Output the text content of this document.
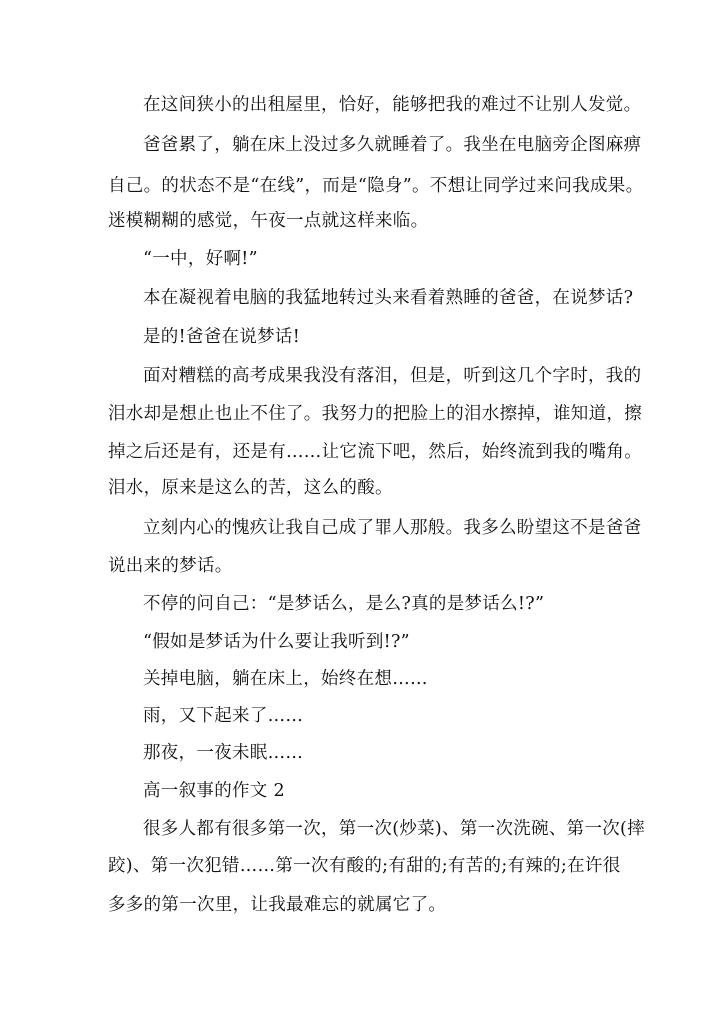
在这间狭小的出租屋里，恰好，能够把我的难过不让别人发觉。
爸爸累了，躺在床上没过多久就睡着了。我坐在电脑旁企图麻痹
自己。的状态不是“在线”，而是“隐身”。不想让同学过来问我成果。
迷模糊糊的感觉，午夜一点就这样来临。
“一中，好啊!”
本在凝视着电脑的我猛地转过头来看着熟睡的爸爸，在说梦话?
是的!爸爸在说梦话!
面对糟糕的高考成果我没有落泪，但是，听到这几个字时，我的
泪水却是想止也止不住了。我努力的把脸上的泪水擦掉，谁知道，擦
掉之后还是有，还是有……让它流下吧，然后，始终流到我的嘴角。
泪水，原来是这么的苦，这么的酸。
立刻内心的愧疚让我自己成了罪人那般。我多么盼望这不是爸爸
说出来的梦话。
不停的问自己：“是梦话么，是么?真的是梦话么!?”
“假如是梦话为什么要让我听到!?”
关掉电脑，躺在床上，始终在想……
雨，又下起来了……
那夜，一夜未眠……
高一叙事的作文 2
很多人都有很多第一次，第一次(炒菜)、第一次洗碗、第一次(摔
跤)、第一次犯错……第一次有酸的;有甜的;有苦的;有辣的;在许很
多多的第一次里，让我最难忘的就属它了。
